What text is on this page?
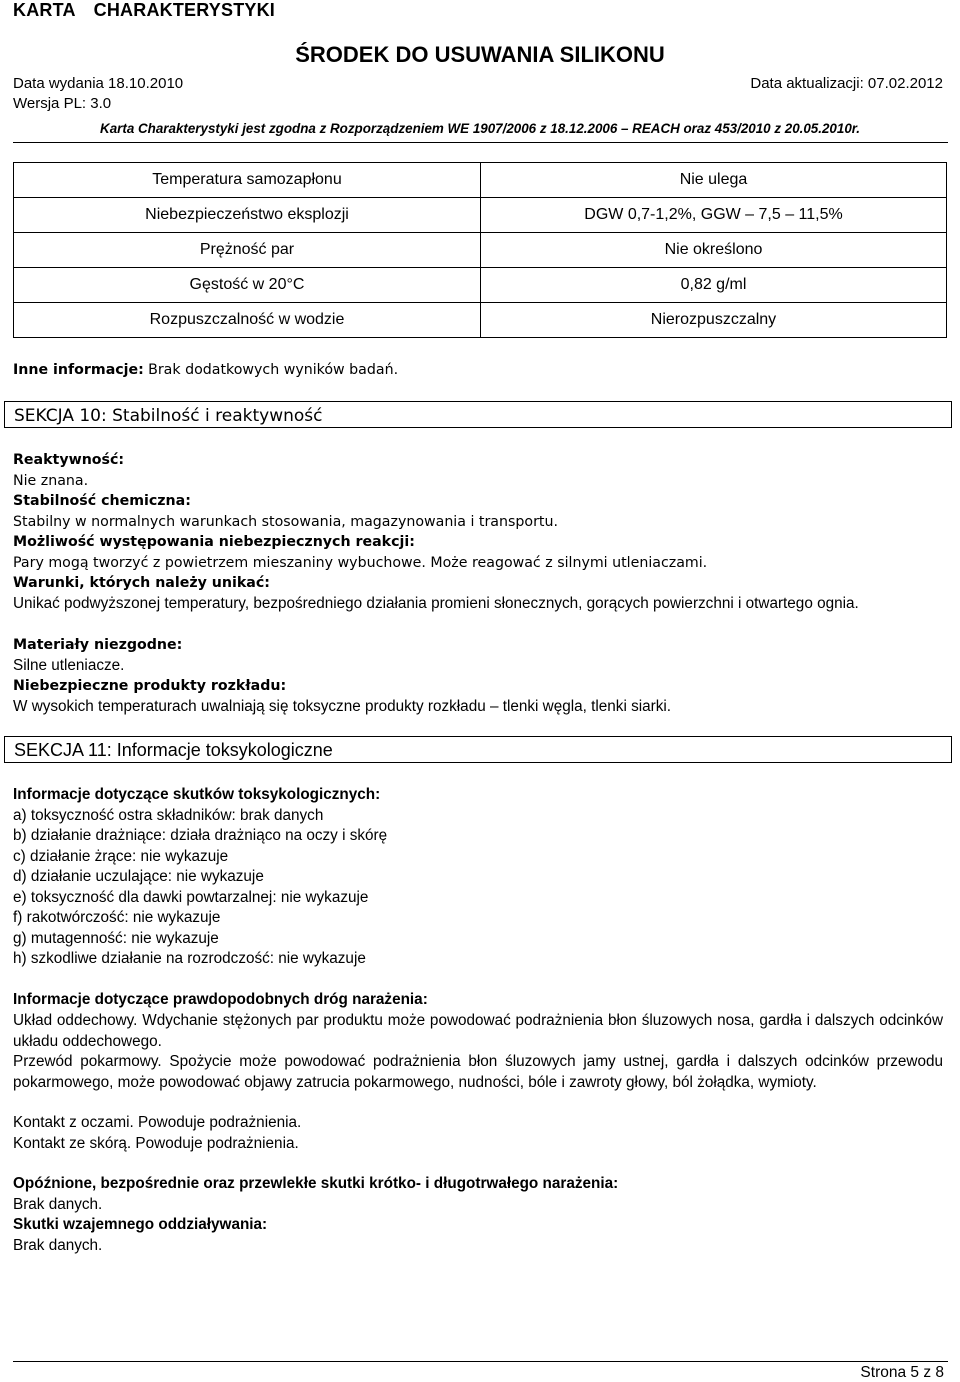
KARTA CHARAKTERYSTYKI
ŚRODEK DO USUWANIA SILIKONU
Data wydania 18.10.2010	Data aktualizacji: 07.02.2012
Wersja PL: 3.0
Karta Charakterystyki jest zgodna z Rozporządzeniem WE 1907/2006 z 18.12.2006 – REACH oraz 453/2010 z 20.05.2010r.
Temperatura samozapłonu	Nie ulega
Niebezpieczeństwo eksplozji	DGW 0,7-1,2%, GGW – 7,5 – 11,5%
Prężność par	Nie określono
Gęstość w 20°C	0,82 g/ml
Rozpuszczalność w wodzie	Nierozpuszczalny
Inne informacje: Brak dodatkowych wyników badań.
SEKCJA 10: Stabilność i reaktywność
Reaktywność:
Nie znana.
Stabilność chemiczna:
Stabilny w normalnych warunkach stosowania, magazynowania i transportu.
Możliwość występowania niebezpiecznych reakcji:
Pary mogą tworzyć z powietrzem mieszaniny wybuchowe. Może reagować z silnymi utleniaczami.
Warunki, których należy unikać:
Unikać podwyższonej temperatury, bezpośredniego działania promieni słonecznych, gorących powierzchni i otwartego ognia.
Materiały niezgodne:
Silne utleniacze.
Niebezpieczne produkty rozkładu:
W wysokich temperaturach uwalniają się toksyczne produkty rozkładu – tlenki węgla, tlenki siarki.
SEKCJA 11: Informacje toksykologiczne
Informacje dotyczące skutków toksykologicznych:
a) toksyczność ostra składników: brak danych
b) działanie drażniące: działa drażniąco na oczy i skórę
c) działanie żrące: nie wykazuje
d) działanie uczulające: nie wykazuje
e) toksyczność dla dawki powtarzalnej: nie wykazuje
f) rakotwórczość: nie wykazuje
g) mutagenność: nie wykazuje
h) szkodliwe działanie na rozrodczość: nie wykazuje
Informacje dotyczące prawdopodobnych dróg narażenia:
Układ oddechowy. Wdychanie stężonych par produktu może powodować podrażnienia błon śluzowych nosa, gardła i dalszych odcinków układu oddechowego.
Przewód pokarmowy. Spożycie może powodować podrażnienia błon śluzowych jamy ustnej, gardła i dalszych odcinków przewodu pokarmowego, może powodować objawy zatrucia pokarmowego, nudności, bóle i zawroty głowy, ból żołądka, wymioty.
Kontakt z oczami. Powoduje podrażnienia.
Kontakt ze skórą. Powoduje podrażnienia.
Opóźnione, bezpośrednie oraz przewlekłe skutki krótko- i długotrwałego narażenia:
Brak danych.
Skutki wzajemnego oddziaływania:
Brak danych.
Strona 5 z 8
